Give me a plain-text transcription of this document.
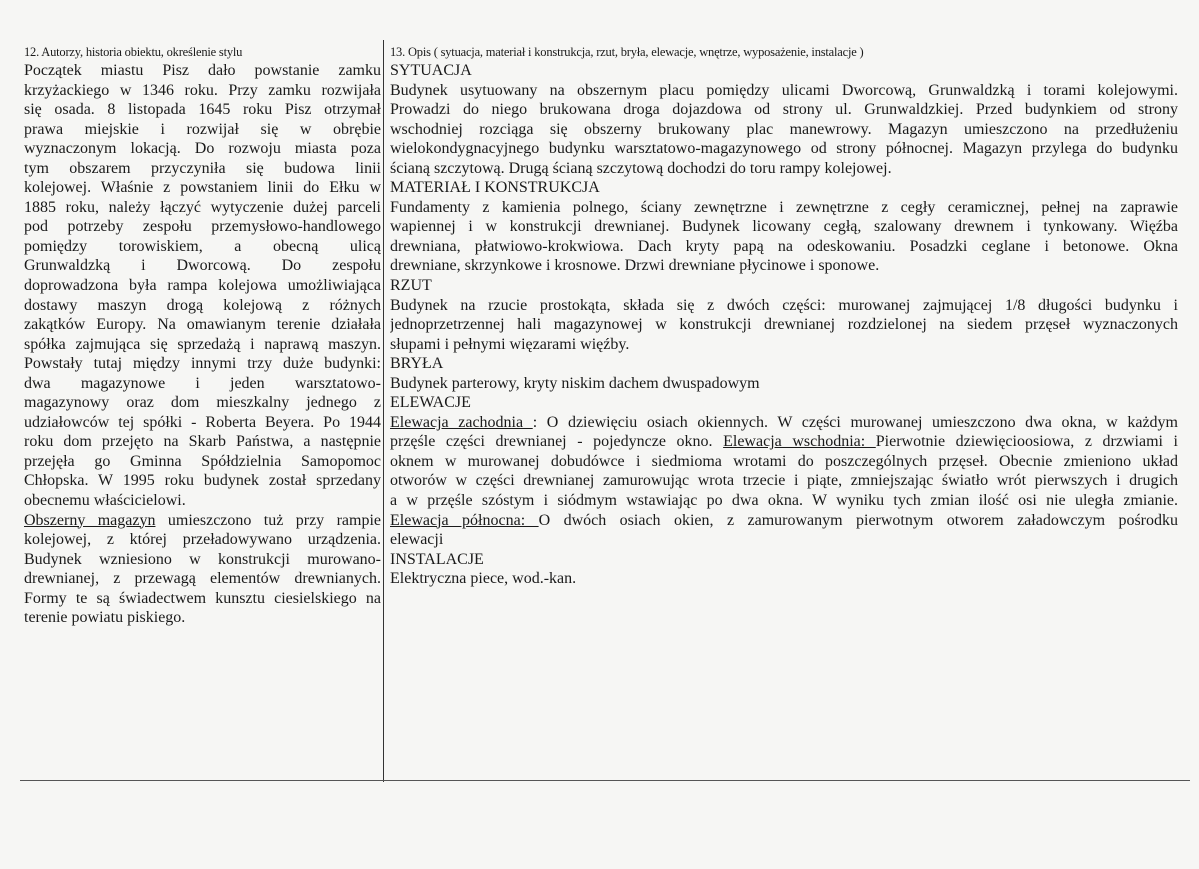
12. Autorzy, historia obiektu, określenie stylu
Początek miastu Pisz dało powstanie zamku
krzyżackiego w 1346 roku. Przy zamku rozwijała
się osada. 8 listopada 1645 roku Pisz otrzymał
prawa miejskie i rozwijał się w obrębie
wyznaczonym lokacją. Do rozwoju miasta poza
tym obszarem przyczyniła się budowa linii
kolejowej. Właśnie z powstaniem linii do Ełku w
1885 roku, należy łączyć wytyczenie dużej parceli
pod potrzeby zespołu przemysłowo-handlowego
pomiędzy torowiskiem, a obecną ulicą
Grunwaldzką i Dworcową. Do zespołu
doprowadzona była rampa kolejowa umożliwiająca
dostawy maszyn drogą kolejową z różnych
zakątków Europy. Na omawianym terenie działała
spółka zajmująca się sprzedażą i naprawą maszyn.
Powstały tutaj między innymi trzy duże budynki:
dwa magazynowe i jeden warsztatowo-
magazynowy oraz dom mieszkalny jednego z
udziałowców tej spółki - Roberta Beyera. Po 1944
roku dom przejęto na Skarb Państwa, a następnie
przejęła go Gminna Spółdzielnia Samopomoc
Chłopska. W 1995 roku budynek został sprzedany
obecnemu właścicielowi.
Obszerny magazyn umieszczono tuż przy rampie
kolejowej, z której przeładowywano urządzenia.
Budynek wzniesiono w konstrukcji murowano-
drewnianej, z przewagą elementów drewnianych.
Formy te są świadectwem kunsztu ciesielskiego na
terenie powiatu piskiego.
13. Opis ( sytuacja, materiał i konstrukcja, rzut, bryła, elewacje, wnętrze, wyposażenie, instalacje )
SYTUACJA
Budynek usytuowany na obszernym placu pomiędzy ulicami Dworcową, Grunwaldzką i torami kolejowymi.
Prowadzi do niego brukowana droga dojazdowa od strony ul. Grunwaldzkiej. Przed budynkiem od strony
wschodniej rozciąga się obszerny brukowany plac manewrowy. Magazyn umieszczono na przedłużeniu
wielokondygnacyjnego budynku warsztatowo-magazynowego od strony północnej. Magazyn przylega do budynku
ścianą szczytową. Drugą ścianą szczytową dochodzi do toru rampy kolejowej.
MATERIAŁ I KONSTRUKCJA
Fundamenty z kamienia polnego, ściany zewnętrzne i zewnętrzne z cegły ceramicznej, pełnej na zaprawie
wapiennej i w konstrukcji drewnianej. Budynek licowany cegłą, szalowany drewnem i tynkowany. Więźba
drewniana, płatwiowo-krokwiowa. Dach kryty papą na odeskowaniu. Posadzki ceglane i betonowe. Okna
drewniane, skrzynkowe i krosnowe. Drzwi drewniane płycinowe i sponowe.
RZUT
Budynek na rzucie prostokąta, składa się z dwóch części: murowanej zajmującej 1/8 długości budynku i
jednoprzetrzennej hali magazynowej w konstrukcji drewnianej rozdzielonej na siedem przęseł wyznaczonych
słupami i pełnymi więzarami więźby.
BRYŁA
Budynek parterowy, kryty niskim dachem dwuspadowym
ELEWACJE
Elewacja zachodnia : O dziewięciu osiach okiennych. W części murowanej umieszczono dwa okna, w każdym
przęśle części drewnianej - pojedyncze okno. Elewacja wschodnia: Pierwotnie dziewięcioosiowa, z drzwiami i
oknem w murowanej dobudówce i siedmioma wrotami do poszczególnych przęseł. Obecnie zmieniono układ
otworów w części drewnianej zamurowując wrota trzecie i piąte, zmniejszając światło wrót pierwszych i drugich
a w przęśle szóstym i siódmym wstawiając po dwa okna. W wyniku tych zmian ilość osi nie uległa zmianie.
Elewacja północna: O dwóch osiach okien, z zamurowanym pierwotnym otworem załadowczym pośrodku
elewacji
INSTALACJE
Elektryczna piece, wod.-kan.
